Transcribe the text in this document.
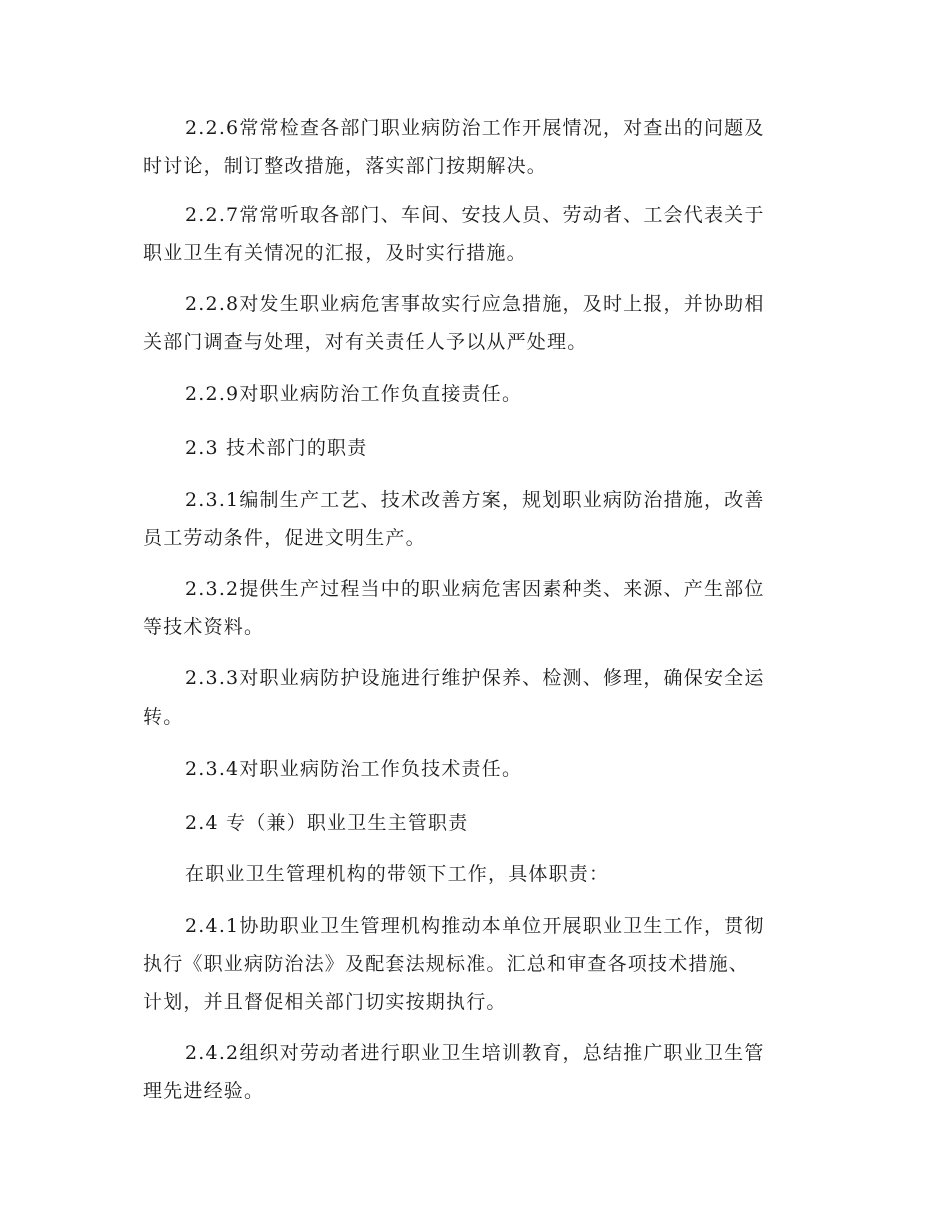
2.2.6常常检查各部门职业病防治工作开展情况，对查出的问题及
时讨论，制订整改措施，落实部门按期解决。
2.2.7常常听取各部门、车间、安技人员、劳动者、工会代表关于
职业卫生有关情况的汇报，及时实行措施。
2.2.8对发生职业病危害事故实行应急措施，及时上报，并协助相
关部门调查与处理，对有关责任人予以从严处理。
2.2.9对职业病防治工作负直接责任。
2.3 技术部门的职责
2.3.1编制生产工艺、技术改善方案，规划职业病防治措施，改善
员工劳动条件，促进文明生产。
2.3.2提供生产过程当中的职业病危害因素种类、来源、产生部位
等技术资料。
2.3.3对职业病防护设施进行维护保养、检测、修理，确保安全运
转。
2.3.4对职业病防治工作负技术责任。
2.4 专（兼）职业卫生主管职责
在职业卫生管理机构的带领下工作，具体职责：
2.4.1协助职业卫生管理机构推动本单位开展职业卫生工作，贯彻
执行《职业病防治法》及配套法规标准。汇总和审查各项技术措施、
计划，并且督促相关部门切实按期执行。
2.4.2组织对劳动者进行职业卫生培训教育，总结推广职业卫生管
理先进经验。
